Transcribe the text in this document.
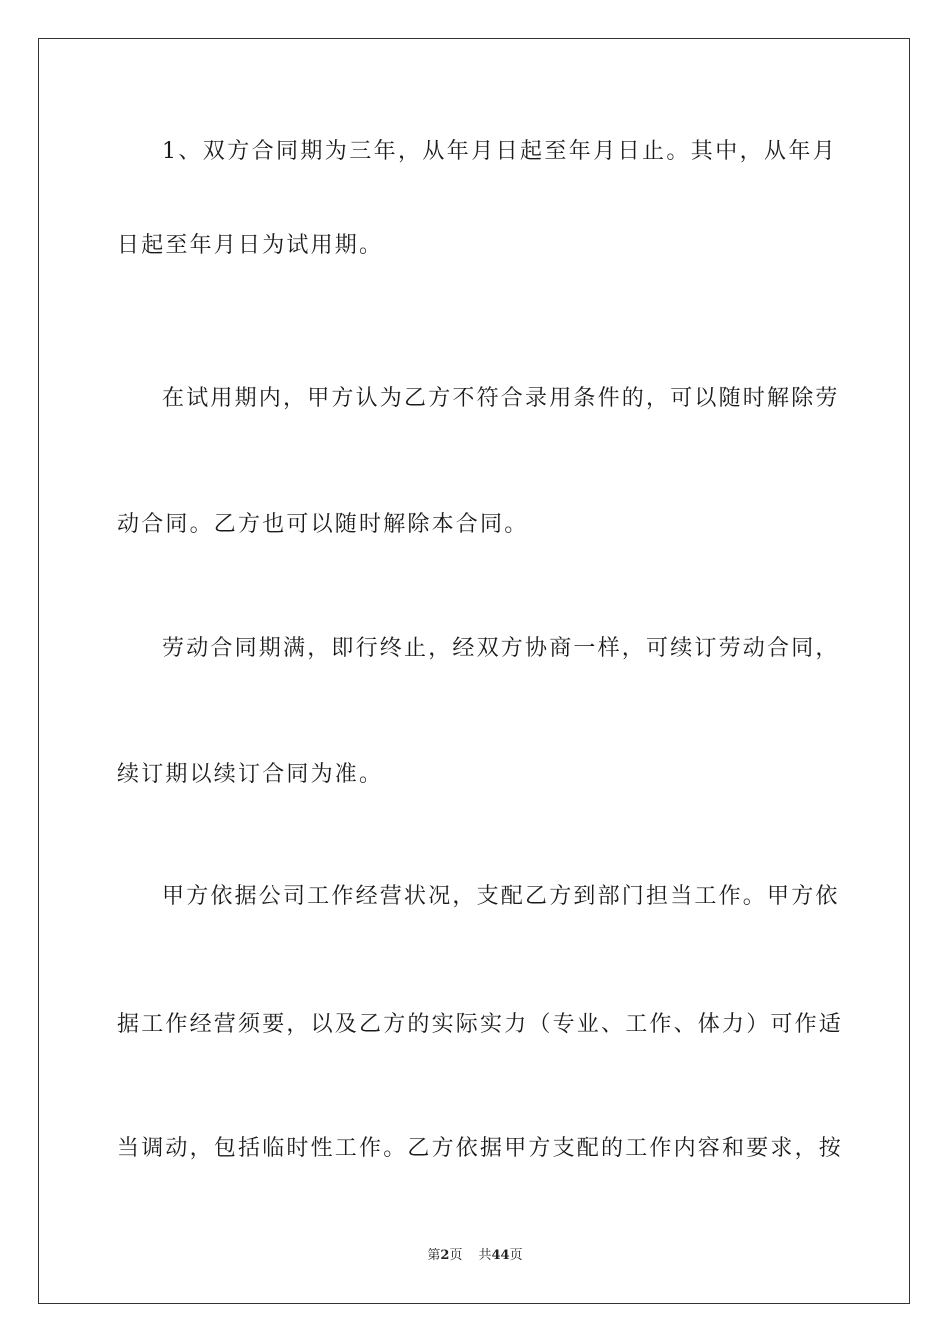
1、双方合同期为三年，从年月日起至年月日止。其中，从年月
日起至年月日为试用期。
在试用期内，甲方认为乙方不符合录用条件的，可以随时解除劳
动合同。乙方也可以随时解除本合同。
劳动合同期满，即行终止，经双方协商一样，可续订劳动合同，
续订期以续订合同为准。
甲方依据公司工作经营状况，支配乙方到部门担当工作。甲方依
据工作经营须要，以及乙方的实际实力（专业、工作、体力）可作适
当调动，包括临时性工作。乙方依据甲方支配的工作内容和要求，按
第2页 共44页
